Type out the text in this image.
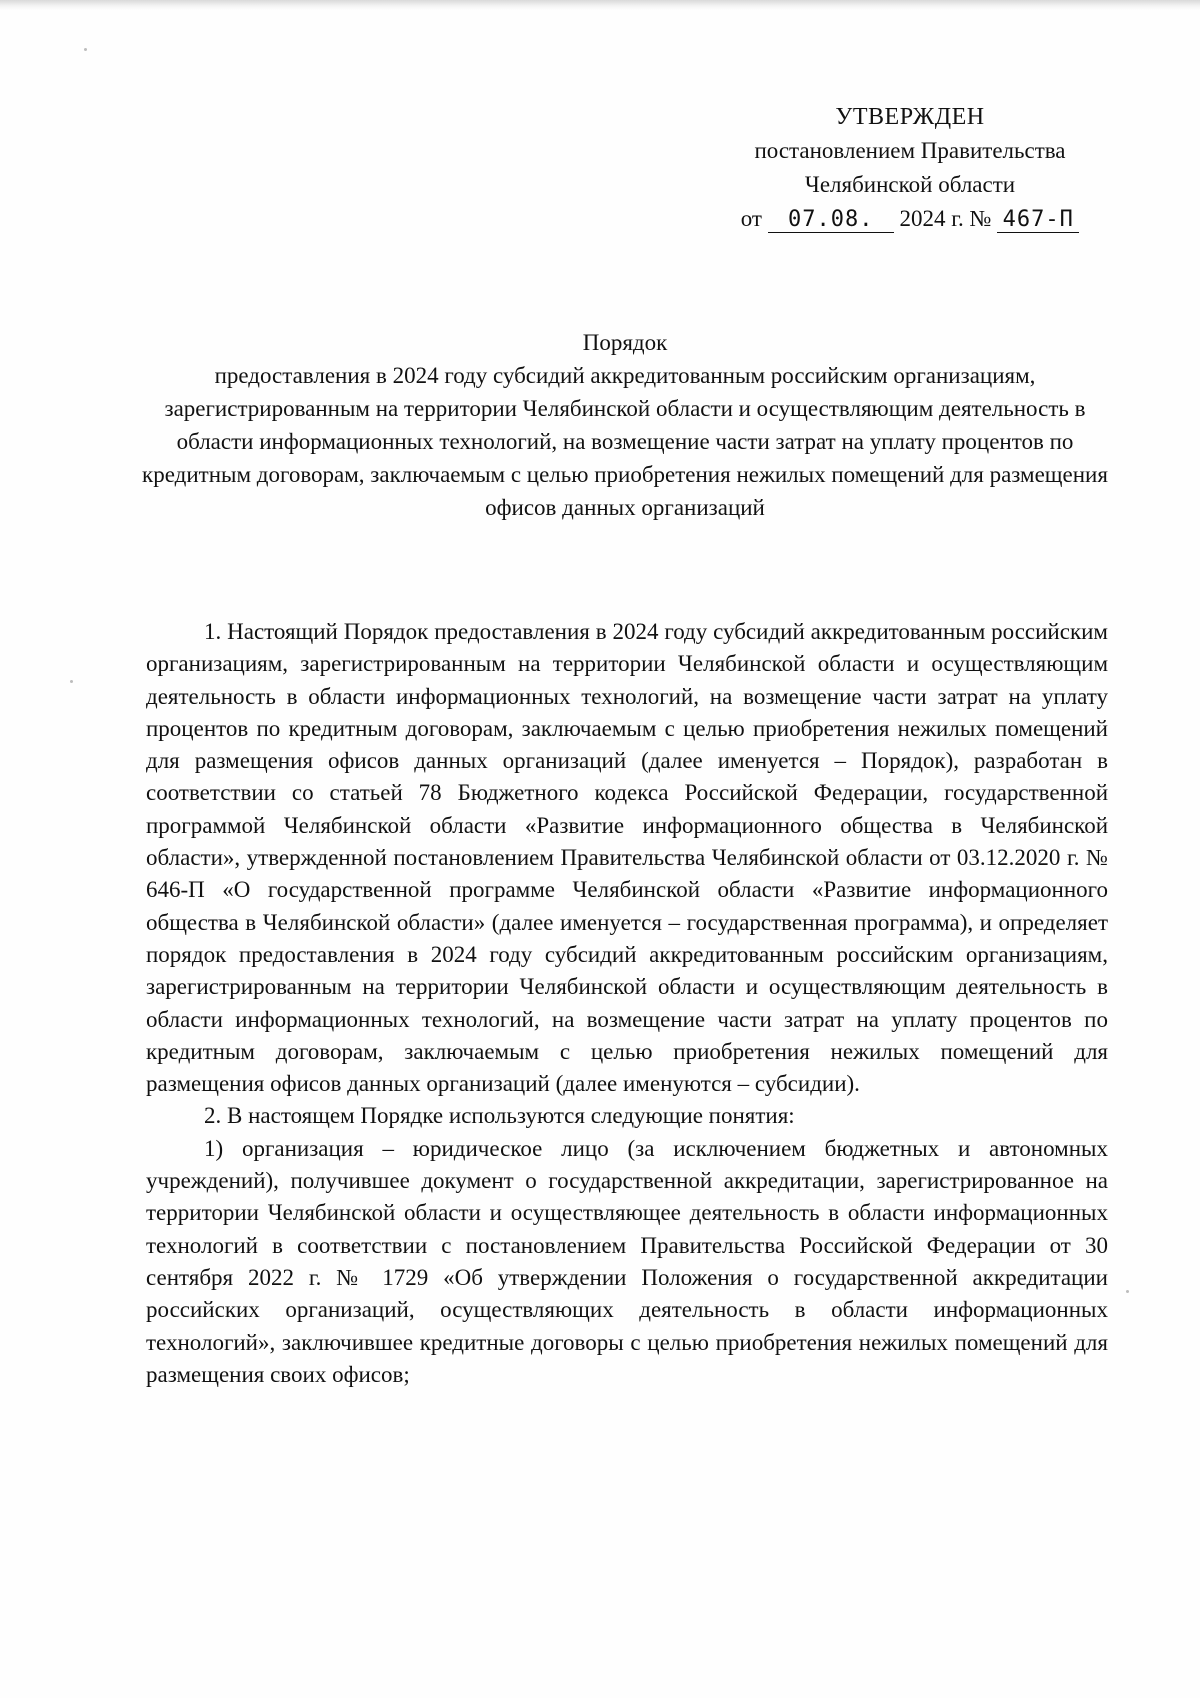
УТВЕРЖДЕН
постановлением Правительства
Челябинской области
от 07.08. 2024 г. № 467-П
Порядок
предоставления в 2024 году субсидий аккредитованным российским организациям, зарегистрированным на территории Челябинской области и осуществляющим деятельность в области информационных технологий, на возмещение части затрат на уплату процентов по кредитным договорам, заключаемым с целью приобретения нежилых помещений для размещения офисов данных организаций

1. Настоящий Порядок предоставления в 2024 году субсидий аккредитованным российским организациям, зарегистрированным на территории Челябинской области и осуществляющим деятельность в области информационных технологий, на возмещение части затрат на уплату процентов по кредитным договорам, заключаемым с целью приобретения нежилых помещений для размещения офисов данных организаций (далее именуется – Порядок), разработан в соответствии со статьей 78 Бюджетного кодекса Российской Федерации, государственной программой Челябинской области «Развитие информационного общества в Челябинской области», утвержденной постановлением Правительства Челябинской области от 03.12.2020 г. № 646-П «О государственной программе Челябинской области «Развитие информационного общества в Челябинской области» (далее именуется – государственная программа), и определяет порядок предоставления в 2024 году субсидий аккредитованным российским организациям, зарегистрированным на территории Челябинской области и осуществляющим деятельность в области информационных технологий, на возмещение части затрат на уплату процентов по кредитным договорам, заключаемым с целью приобретения нежилых помещений для размещения офисов данных организаций (далее именуются – субсидии).

2. В настоящем Порядке используются следующие понятия:

1) организация – юридическое лицо (за исключением бюджетных и автономных учреждений), получившее документ о государственной аккредитации, зарегистрированное на территории Челябинской области и осуществляющее деятельность в области информационных технологий в соответствии с постановлением Правительства Российской Федерации от 30 сентября 2022 г. № 1729 «Об утверждении Положения о государственной аккредитации российских организаций, осуществляющих деятельность в области информационных технологий», заключившее кредитные договоры с целью приобретения нежилых помещений для размещения своих офисов;
